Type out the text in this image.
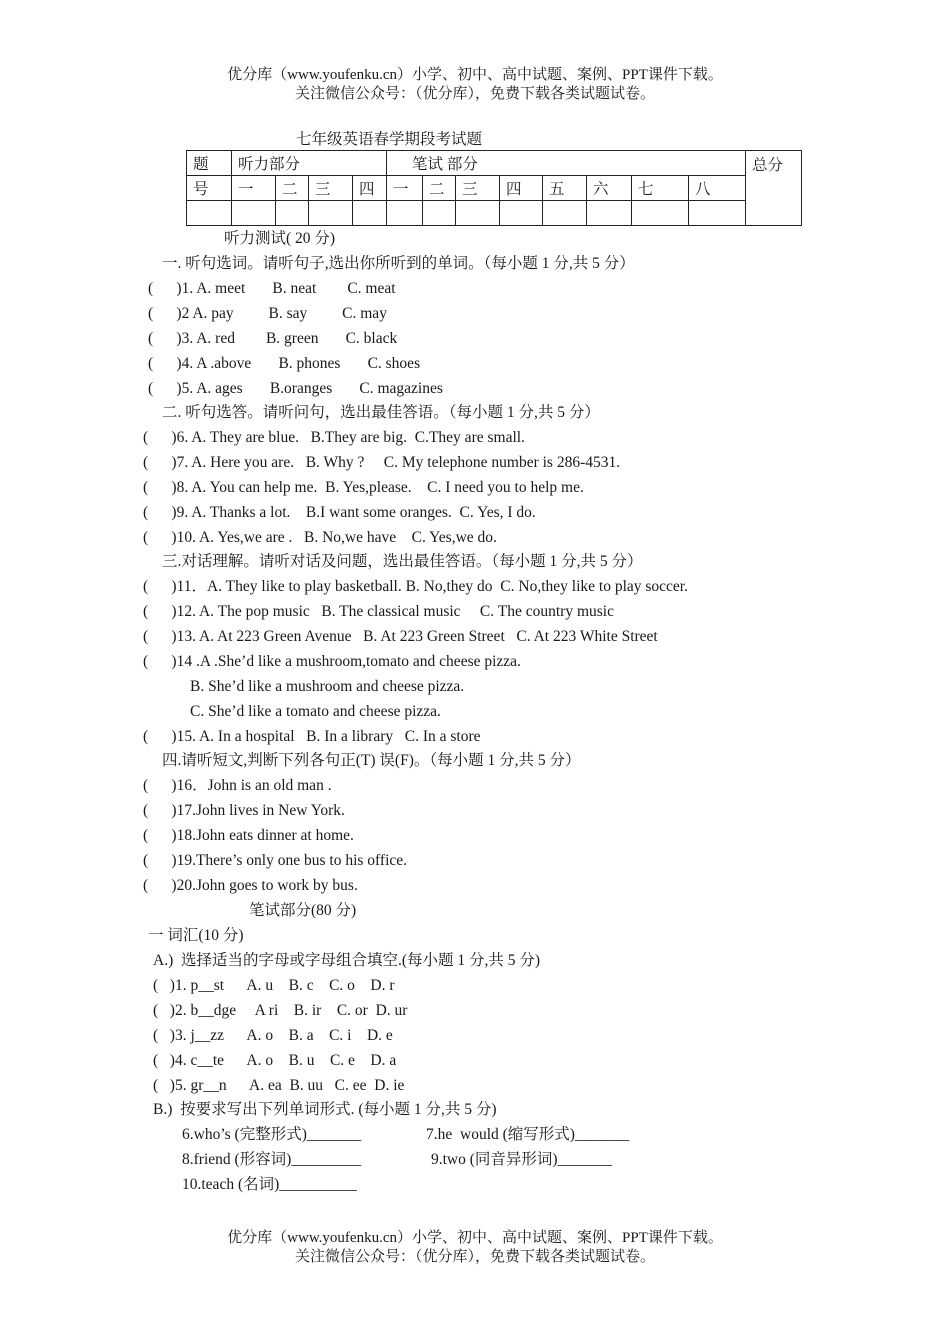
优分库（www.youfenku.cn）小学、初中、高中试题、案例、PPT课件下载。
关注微信公众号：（优分库），免费下载各类试题试卷。
七年级英语春学期段考试题
题	听力部分				笔试 部分								总分
号	一	二	三	四	一	二	三	四	五	六	七	八	

听力测试( 20 分)
一. 听句选词。请听句子,选出你所听到的单词。（每小题 1 分,共 5 分）
(      )1. A. meet       B. neat        C. meat
(      )2 A. pay         B. say         C. may
(      )3. A. red        B. green       C. black
(      )4. A .above       B. phones       C. shoes
(      )5. A. ages       B.oranges       C. magazines
二. 听句选答。请听问句，选出最佳答语。（每小题 1 分,共 5 分）
(      )6. A. They are blue.   B.They are big.  C.They are small.
(      )7. A. Here you are.   B. Why ?     C. My telephone number is 286-4531.
(      )8. A. You can help me.  B. Yes,please.    C. I need you to help me.
(      )9. A. Thanks a lot.    B.I want some oranges.  C. Yes, I do.
(      )10. A. Yes,we are .   B. No,we have    C. Yes,we do.
三.对话理解。请听对话及问题，选出最佳答语。（每小题 1 分,共 5 分）
(      )11．A. They like to play basketball. B. No,they do  C. No,they like to play soccer.
(      )12. A. The pop music   B. The classical music     C. The country music
(      )13. A. At 223 Green Avenue   B. At 223 Green Street   C. At 223 White Street
(      )14 .A .She’d like a mushroom,tomato and cheese pizza.
B. She’d like a mushroom and cheese pizza.
C. She’d like a tomato and cheese pizza.
(      )15. A. In a hospital   B. In a library   C. In a store
四.请听短文,判断下列各句正(T) 误(F)。（每小题 1 分,共 5 分）
(      )16．John is an old man .
(      )17.John lives in New York.
(      )18.John eats dinner at home.
(      )19.There’s only one bus to his office.
(      )20.John goes to work by bus.
笔试部分(80 分)
一 词汇(10 分)
A.)  选择适当的字母或字母组合填空.(每小题 1 分,共 5 分)
(   )1. p__st      A. u    B. c    C. o    D. r
(   )2. b__dge     A ri    B. ir    C. or  D. ur
(   )3. j__zz      A. o    B. a    C. i    D. e
(   )4. c__te      A. o    B. u    C. e    D. a
(   )5. gr__n      A. ea  B. uu   C. ee  D. ie
B.)  按要求写出下列单词形式. (每小题 1 分,共 5 分)
6.who’s (完整形式)_______	7.he  would (缩写形式)_______
8.friend (形容词)_________	9.two (同音异形词)_______
10.teach (名词)__________
优分库（www.youfenku.cn）小学、初中、高中试题、案例、PPT课件下载。
关注微信公众号：（优分库），免费下载各类试题试卷。
